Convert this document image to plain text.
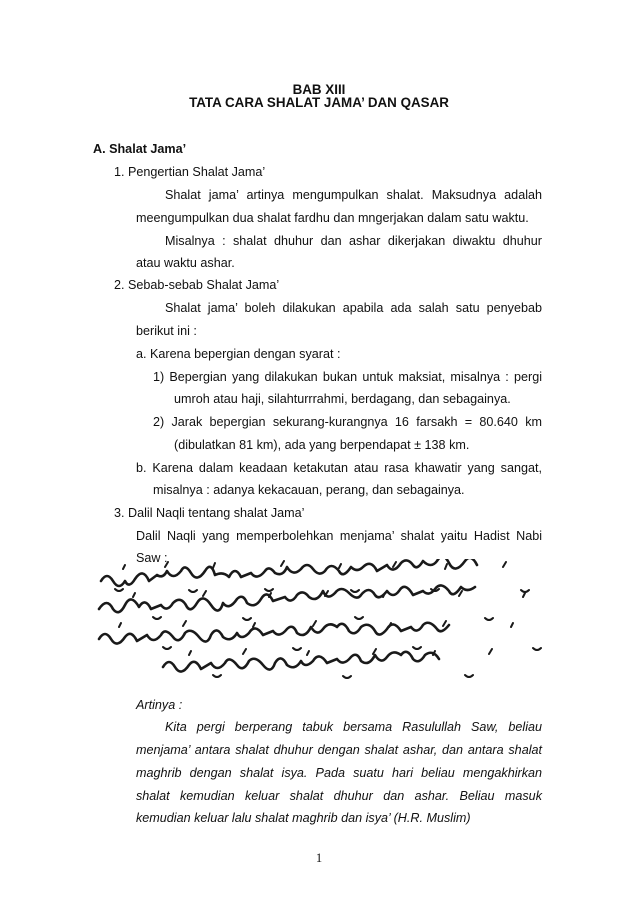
BAB XIII
TATA CARA SHALAT JAMA’ DAN QASAR
A. Shalat Jama’
1. Pengertian Shalat Jama’
Shalat jama’ artinya mengumpulkan shalat. Maksudnya adalah
meengumpulkan dua shalat fardhu dan mngerjakan dalam satu waktu.
Misalnya : shalat dhuhur dan ashar dikerjakan diwaktu dhuhur
atau waktu ashar.
2. Sebab-sebab Shalat Jama’
Shalat jama’ boleh dilakukan apabila ada salah satu penyebab
berikut ini :
a. Karena bepergian dengan syarat :
1) Bepergian yang dilakukan bukan untuk maksiat, misalnya : pergi
umroh atau haji, silahturrrahmi, berdagang, dan sebagainya.
2) Jarak bepergian sekurang-kurangnya 16 farsakh = 80.640 km
(dibulatkan 81 km), ada yang berpendapat ± 138 km.
b. Karena dalam keadaan ketakutan atau rasa khawatir yang sangat,
misalnya : adanya kekacauan, perang, dan sebagainya.
3. Dalil Naqli tentang shalat Jama’
Dalil Naqli yang memperbolehkan menjama’ shalat yaitu Hadist Nabi
Saw :
Artinya :
Kita pergi berperang tabuk bersama Rasulullah Saw, beliau
menjama’ antara shalat dhuhur dengan shalat ashar, dan antara shalat
maghrib dengan shalat isya. Pada suatu hari beliau mengakhirkan
shalat kemudian keluar shalat dhuhur dan ashar. Beliau masuk
kemudian keluar lalu shalat maghrib dan isya’ (H.R. Muslim)
1
